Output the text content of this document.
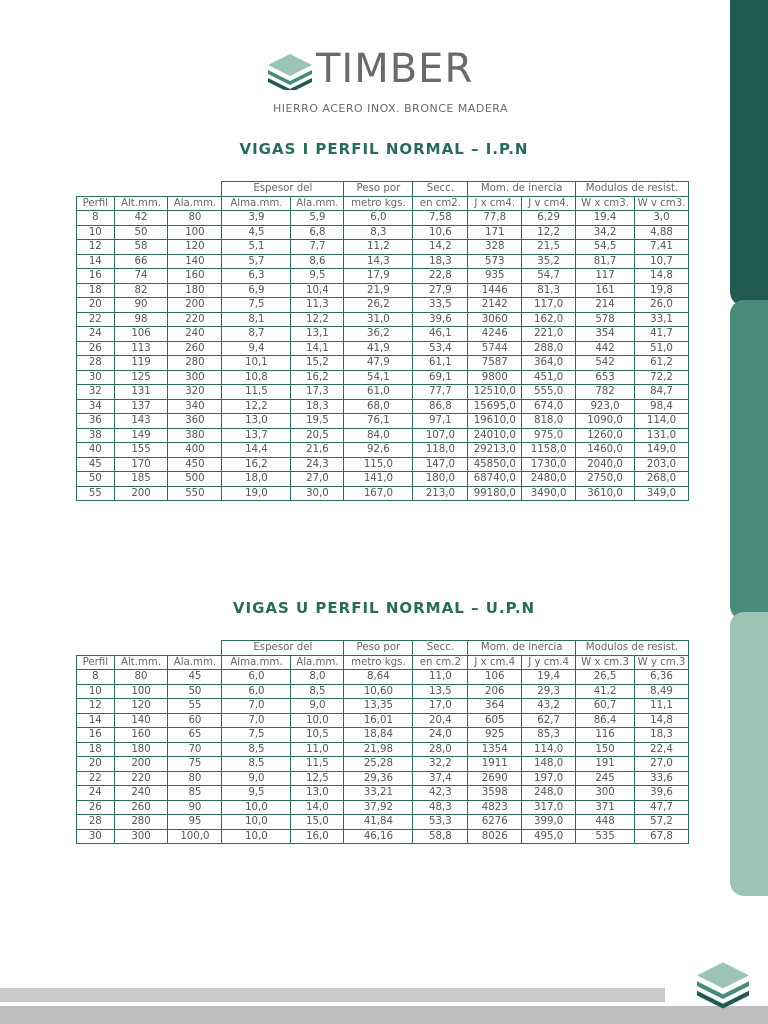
TIMBER
HIERRO ACERO INOX. BRONCE MADERA
VIGAS I PERFIL NORMAL – I.P.N
			Espesor del		Peso por	Secc.	Mom. de inercia		Modulos de resist.	
Perfil	Alt.mm.	Ala.mm.	Alma.mm.	Ala.mm.	metro kgs.	en cm2.	J x cm4.	J v cm4.	W x cm3.	W v cm3.
8	42	80	3,9	5,9	6,0	7,58	77,8	6,29	19,4	3,0
10	50	100	4,5	6,8	8,3	10,6	171	12,2	34,2	4,88
12	58	120	5,1	7,7	11,2	14,2	328	21,5	54,5	7,41
14	66	140	5,7	8,6	14,3	18,3	573	35,2	81,7	10,7
16	74	160	6,3	9,5	17,9	22,8	935	54,7	117	14,8
18	82	180	6,9	10,4	21,9	27,9	1446	81,3	161	19,8
20	90	200	7,5	11,3	26,2	33,5	2142	117,0	214	26,0
22	98	220	8,1	12,2	31,0	39,6	3060	162,0	578	33,1
24	106	240	8,7	13,1	36,2	46,1	4246	221,0	354	41,7
26	113	260	9,4	14,1	41,9	53,4	5744	288,0	442	51,0
28	119	280	10,1	15,2	47,9	61,1	7587	364,0	542	61,2
30	125	300	10,8	16,2	54,1	69,1	9800	451,0	653	72,2
32	131	320	11,5	17,3	61,0	77,7	12510,0	555,0	782	84,7
34	137	340	12,2	18,3	68,0	86,8	15695,0	674,0	923,0	98,4
36	143	360	13,0	19,5	76,1	97,1	19610,0	818,0	1090,0	114,0
38	149	380	13,7	20,5	84,0	107,0	24010,0	975,0	1260,0	131,0
40	155	400	14,4	21,6	92,6	118,0	29213,0	1158,0	1460,0	149,0
45	170	450	16,2	24,3	115,0	147,0	45850,0	1730,0	2040,0	203,0
50	185	500	18,0	27,0	141,0	180,0	68740,0	2480,0	2750,0	268,0
55	200	550	19,0	30,0	167,0	213,0	99180,0	3490,0	3610,0	349,0
VIGAS U PERFIL NORMAL – U.P.N
			Espesor del		Peso por	Secc.	Mom. de inercia		Modulos de resist.	
Perfil	Alt.mm.	Ala.mm.	Alma.mm.	Ala.mm.	metro kgs.	en cm.2	J x cm.4	J y cm.4	W x cm.3	W y cm.3
8	80	45	6,0	8,0	8,64	11,0	106	19,4	26,5	6,36
10	100	50	6,0	8,5	10,60	13,5	206	29,3	41,2	8,49
12	120	55	7,0	9,0	13,35	17,0	364	43,2	60,7	11,1
14	140	60	7,0	10,0	16,01	20,4	605	62,7	86,4	14,8
16	160	65	7,5	10,5	18,84	24,0	925	85,3	116	18,3
18	180	70	8,5	11,0	21,98	28,0	1354	114,0	150	22,4
20	200	75	8,5	11,5	25,28	32,2	1911	148,0	191	27,0
22	220	80	9,0	12,5	29,36	37,4	2690	197,0	245	33,6
24	240	85	9,5	13,0	33,21	42,3	3598	248,0	300	39,6
26	260	90	10,0	14,0	37,92	48,3	4823	317,0	371	47,7
28	280	95	10,0	15,0	41,84	53,3	6276	399,0	448	57,2
30	300	100,0	10,0	16,0	46,16	58,8	8026	495,0	535	67,8
